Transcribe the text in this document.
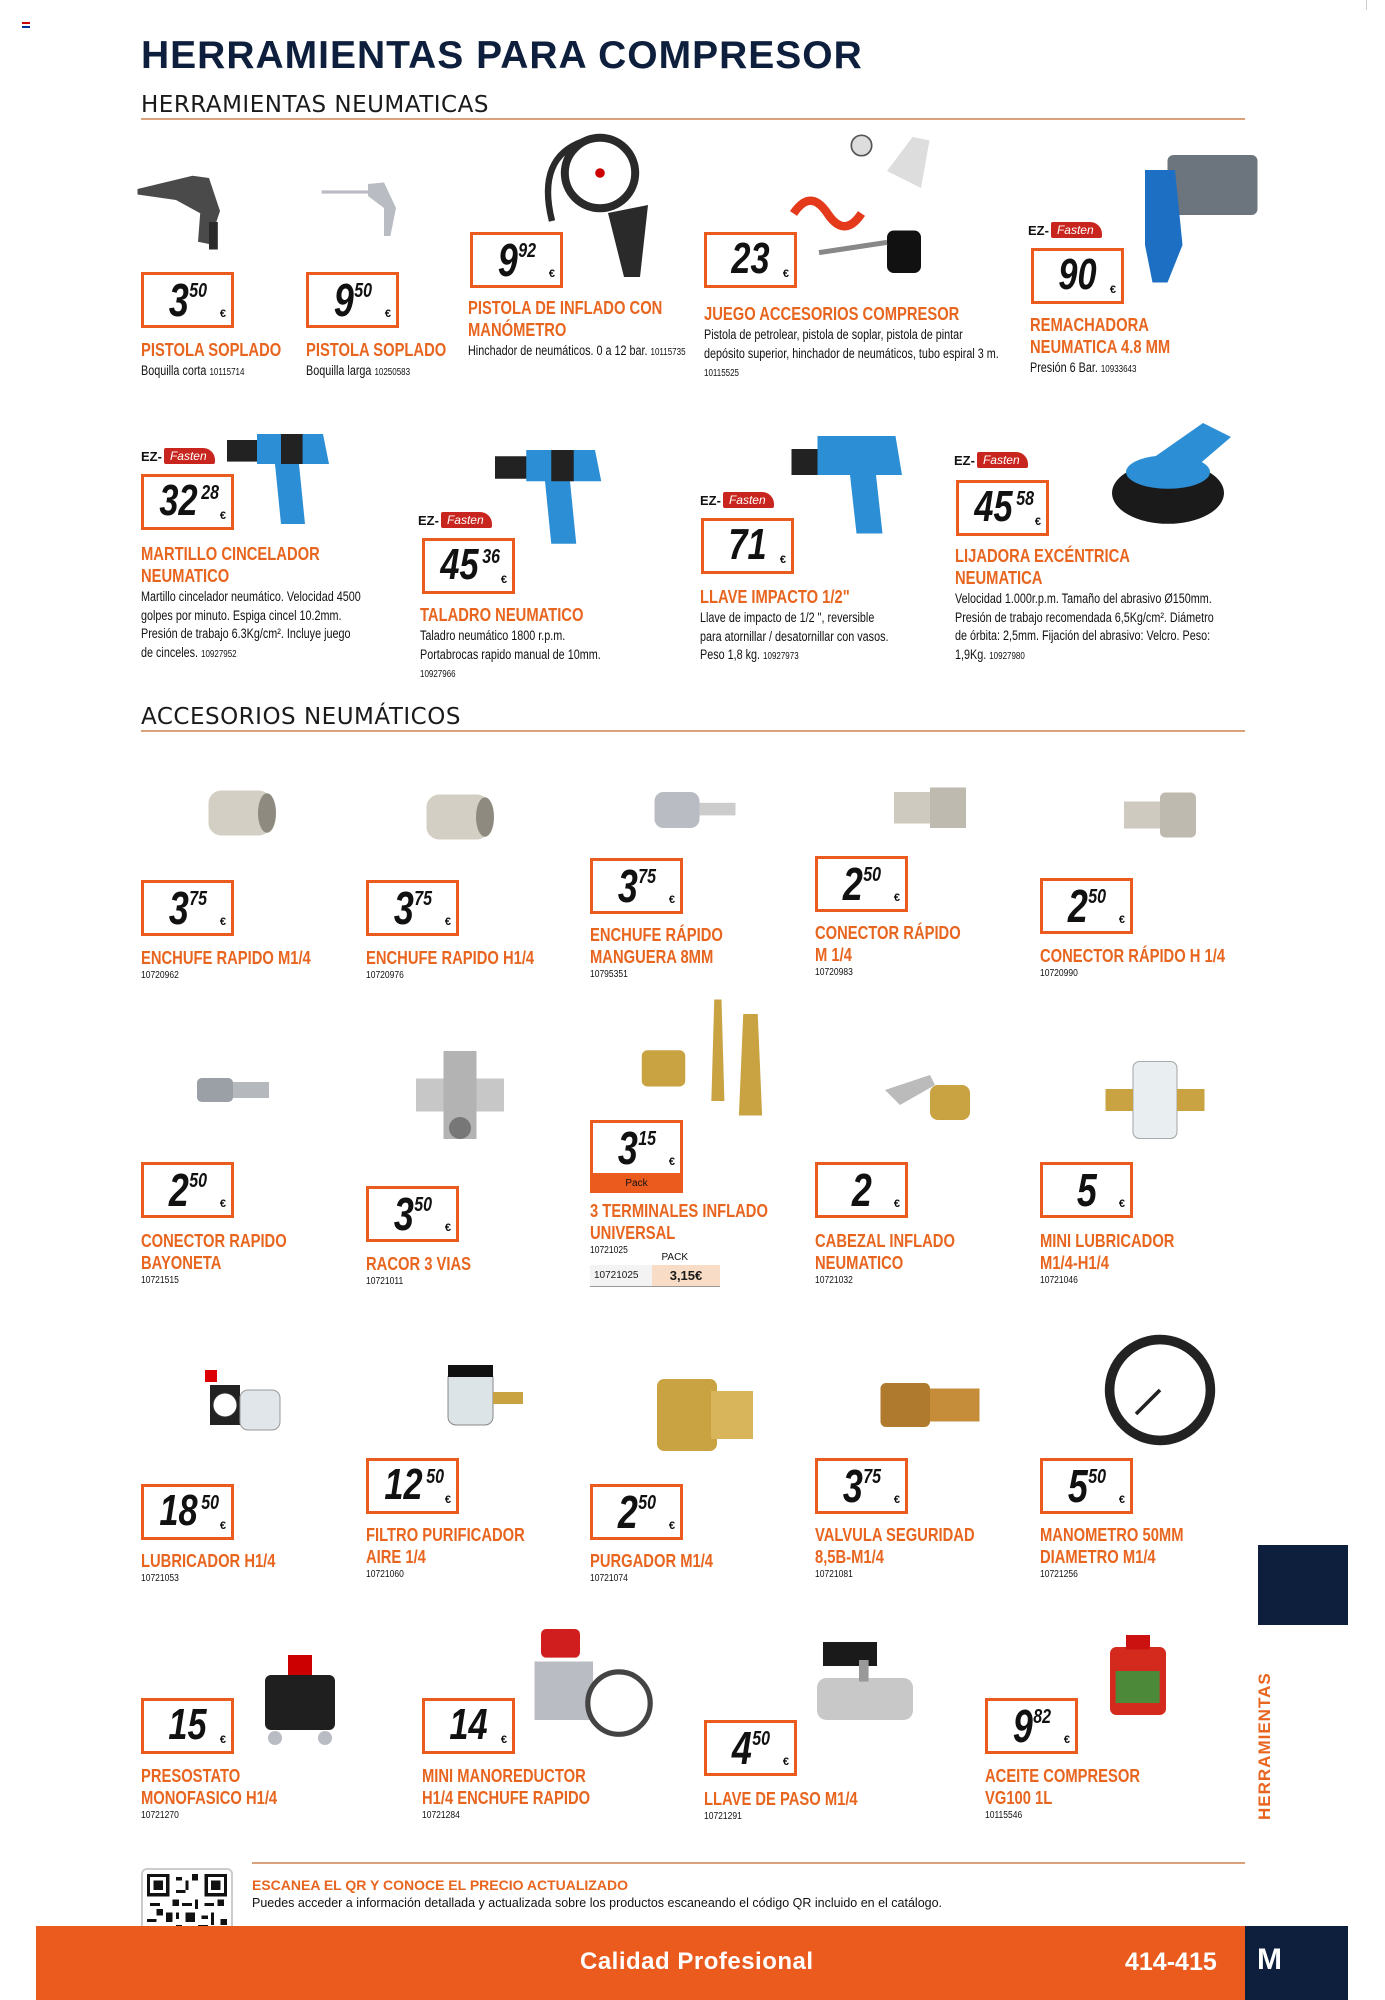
HERRAMIENTAS PARA COMPRESOR
HERRAMIENTAS NEUMATICAS
ACCESORIOS NEUMÁTICOS
3 50
€
PISTOLA SOPLADO
Boquilla corta 10115714
9 50
€
PISTOLA SOPLADO
Boquilla larga 10250583
9 92
€
PISTOLA DE INFLADO CON
MANÓMETRO
Hinchador de neumáticos. 0 a 12 bar. 10115735
23 €
JUEGO ACCESORIOS COMPRESOR
Pistola de petrolear, pistola de soplar, pistola de pintar depósito superior, hinchador de neumáticos, tubo espiral 3 m. 10115525
EZ- Fasten
90 €
REMACHADORA
NEUMATICA 4.8 MM
Presión 6 Bar. 10933643
EZ- Fasten
32 28
€
MARTILLO CINCELADOR
NEUMATICO
Martillo cincelador neumático. Velocidad 4500 golpes por minuto. Espiga cincel 10.2mm. Presión de trabajo 6.3Kg/cm². Incluye juego de cinceles. 10927952
EZ- Fasten
45 36
€
TALADRO NEUMATICO
Taladro neumático 1800 r.p.m. Portabrocas rapido manual de 10mm. 10927966
EZ- Fasten
71 €
LLAVE IMPACTO 1/2"
Llave de impacto de 1/2 ", reversible para atornillar / desatornillar con vasos. Peso 1,8 kg. 10927973
EZ- Fasten
45 58
€
LIJADORA EXCÉNTRICA
NEUMATICA
Velocidad 1.000r.p.m. Tamaño del abrasivo Ø150mm. Presión de trabajo recomendada 6,5Kg/cm². Diámetro de órbita: 2,5mm. Fijación del abrasivo: Velcro. Peso: 1,9Kg. 10927980
3 75
€
ENCHUFE RAPIDO M1/4
10720962
3 75
€
ENCHUFE RAPIDO H1/4
10720976
3 75
€
ENCHUFE RÁPIDO
MANGUERA 8MM
10795351
2 50
€
CONECTOR RÁPIDO
M 1/4
10720983
2 50
€
CONECTOR RÁPIDO H 1/4
10720990
2 50
€
CONECTOR RAPIDO
BAYONETA
10721515
3 50
€
RACOR 3 VIAS
10721011
3 15
€
Pack
3 TERMINALES INFLADO
UNIVERSAL
10721025
2 €
CABEZAL INFLADO
NEUMATICO
10721032
5 €
MINI LUBRICADOR
M1/4-H1/4
10721046
18 50
€
LUBRICADOR H1/4
10721053
12 50
€
FILTRO PURIFICADOR
AIRE 1/4
10721060
2 50
€
PURGADOR M1/4
10721074
3 75
€
VALVULA SEGURIDAD
8,5B-M1/4
10721081
5 50
€
MANOMETRO 50MM
DIAMETRO M1/4
10721256
15 €
PRESOSTATO
MONOFASICO H1/4
10721270
14 €
MINI MANOREDUCTOR
H1/4 ENCHUFE RAPIDO
10721284
4 50
€
LLAVE DE PASO M1/4
10721291
9 82
€
ACEITE COMPRESOR
VG100 1L
10115546
PACK
10721025	3,15€
HERRAMIENTAS
ESCANEA EL QR Y CONOCE EL PRECIO ACTUALIZADO
Puedes acceder a información detallada y actualizada sobre los productos escaneando el código QR incluido en el catálogo.
Calidad Profesional	414-415 M
